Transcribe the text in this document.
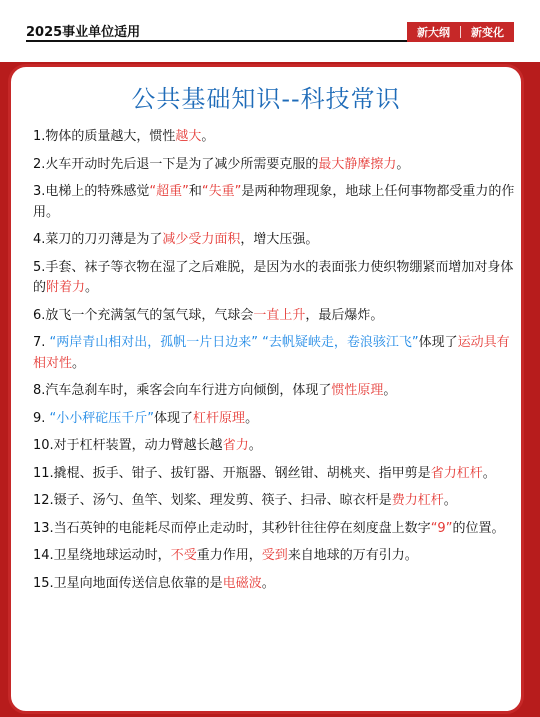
2025事业单位适用	新大纲 新变化
公共基础知识--科技常识
1.物体的质量越大，惯性越大。
2.火车开动时先后退一下是为了减少所需要克服的最大静摩擦力。
3.电梯上的特殊感觉“超重”和“失重”是两种物理现象，地球上任何事物都受重力的作用。
4.菜刀的刀刃薄是为了减少受力面积，增大压强。
5.手套、袜子等衣物在湿了之后难脱，是因为水的表面张力使织物绷紧而增加对身体的附着力。
6.放飞一个充满氢气的氢气球，气球会一直上升，最后爆炸。
7. “两岸青山相对出，孤帆一片日边来” “去帆疑峡走，卷浪骇江飞”体现了运动具有相对性。
8.汽车急刹车时，乘客会向车行进方向倾倒，体现了惯性原理。
9. “小小秤砣压千斤”体现了杠杆原理。
10.对于杠杆装置，动力臂越长越省力。
11.撬棍、扳手、钳子、拔钉器、开瓶器、钢丝钳、胡桃夹、指甲剪是省力杠杆。
12.镊子、汤勺、鱼竿、划桨、理发剪、筷子、扫帚、晾衣杆是费力杠杆。
13.当石英钟的电能耗尽而停止走动时，其秒针往往停在刻度盘上数字“9”的位置。
14.卫星绕地球运动时，不受重力作用，受到来自地球的万有引力。
15.卫星向地面传送信息依靠的是电磁波。
